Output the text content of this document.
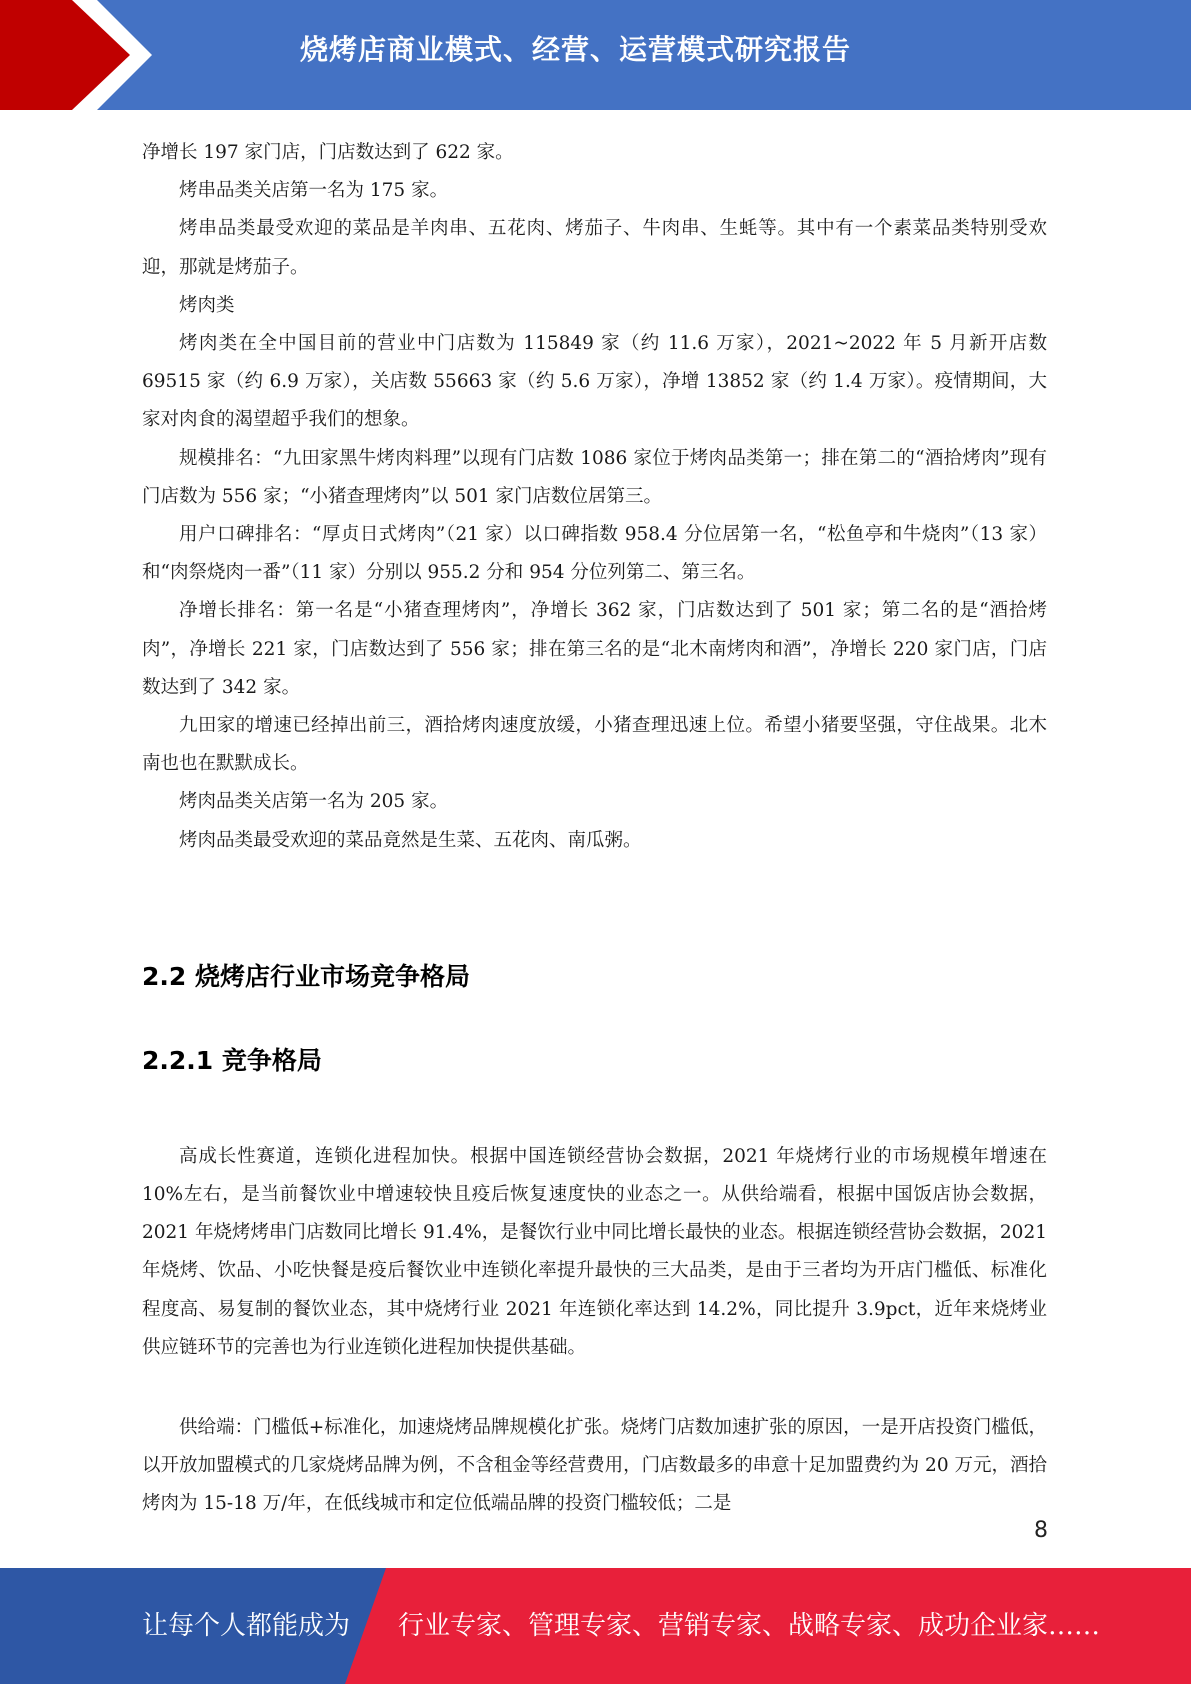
烧烤店商业模式、经营、运营模式研究报告

净增长 197 家门店，门店数达到了 622 家。

烤串品类关店第一名为 175 家。

烤串品类最受欢迎的菜品是羊肉串、五花肉、烤茄子、牛肉串、生蚝等。其中有一个素菜品类特别受欢迎，那就是烤茄子。

烤肉类

烤肉类在全中国目前的营业中门店数为 115849 家（约 11.6 万家），2021~2022 年 5 月新开店数 69515 家（约 6.9 万家），关店数 55663 家（约 5.6 万家），净增 13852 家（约 1.4 万家）。疫情期间，大家对肉食的渴望超乎我们的想象。

规模排名：“九田家黑牛烤肉料理”以现有门店数 1086 家位于烤肉品类第一；排在第二的“酒拾烤肉”现有门店数为 556 家；“小猪查理烤肉”以 501 家门店数位居第三。

用户口碑排名：“厚贞日式烤肉”（21 家）以口碑指数 958.4 分位居第一名，“松鱼亭和牛烧肉”（13 家）和“肉祭烧肉一番”（11 家）分别以 955.2 分和 954 分位列第二、第三名。

净增长排名：第一名是“小猪查理烤肉”，净增长 362 家，门店数达到了 501 家；第二名的是“酒拾烤肉”，净增长 221 家，门店数达到了 556 家；排在第三名的是“北木南烤肉和酒”，净增长 220 家门店，门店数达到了 342 家。

九田家的增速已经掉出前三，酒拾烤肉速度放缓，小猪查理迅速上位。希望小猪要坚强，守住战果。北木南也也在默默成长。

烤肉品类关店第一名为 205 家。

烤肉品类最受欢迎的菜品竟然是生菜、五花肉、南瓜粥。

2.2 烧烤店行业市场竞争格局
2.2.1 竞争格局

高成长性赛道，连锁化进程加快。根据中国连锁经营协会数据，2021 年烧烤行业的市场规模年增速在 10%左右，是当前餐饮业中增速较快且疫后恢复速度快的业态之一。从供给端看，根据中国饭店协会数据，2021 年烧烤烤串门店数同比增长 91.4%，是餐饮行业中同比增长最快的业态。根据连锁经营协会数据，2021 年烧烤、饮品、小吃快餐是疫后餐饮业中连锁化率提升最快的三大品类，是由于三者均为开店门槛低、标准化程度高、易复制的餐饮业态，其中烧烤行业 2021 年连锁化率达到 14.2%，同比提升 3.9pct，近年来烧烤业供应链环节的完善也为行业连锁化进程加快提供基础。

供给端：门槛低+标准化，加速烧烤品牌规模化扩张。烧烤门店数加速扩张的原因，一是开店投资门槛低，以开放加盟模式的几家烧烤品牌为例，不含租金等经营费用，门店数最多的串意十足加盟费约为 20 万元，酒拾烤肉为 15-18 万/年，在低线城市和定位低端品牌的投资门槛较低；二是

8
让每个人都能成为 行业专家、管理专家、营销专家、战略专家、成功企业家……
